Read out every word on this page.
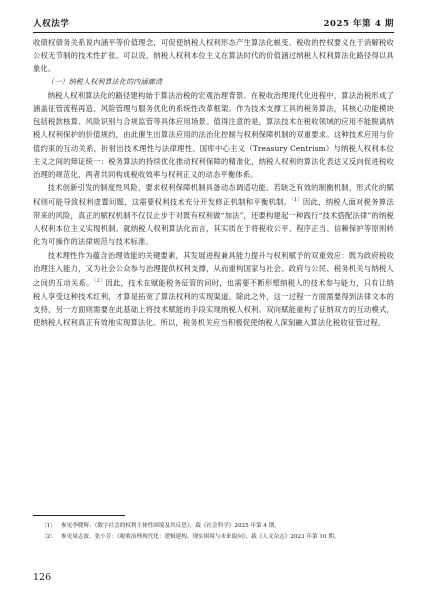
人权法学	2025 年第 4 期

收债权债务关系说内涵平等价值理念，可促使纳税人权利形态产生算法化蜕变。税收的控权要义在于消解税收公权无节制的技术性扩张。可以说，纳税人权利本位主义在算法时代的价值涵过纳税人权利算法化路径得以具象化。

（一）纳税人权利算法化的内涵廓清

纳税人权利算法化的路径建构始于算法治税的宏观治理背景。在税收治理现代化进程中，算法治税形成了涵盖征管流程再造、风险管理与服务优化的系统性改革框架。作为技术支撑工具的税务算法，其核心功能模块包括税款核算、风险识别与合规监管等具体应用场景。值得注意的是，算法技术在税收领域的应用不能脱离纳税人权利保护的价值规约，由此催生出算法应用的法治化控制与权利保障机制的双重要求。这种技术应用与价值约束的互动关系，折射出技术理性与法律理性、国库中心主义（Treasury Centrism）与纳税人权利本位主义之间的辩证统一：税务算法的持续优化推动权利保障的精准化，纳税人权利的算法化表达又反向促进税收治理的规范化，两者共同构成税收效率与权利正义的动态平衡体系。

技术创新引发的制度性风险，要求权利保障机制具备动态调适功能。若缺乏有效的制衡机制，形式化的赋权则可能导致权利虚置问题，这需要权利技术充分开发修正机制和平衡机制。$^{〔1〕}$因此，纳税人面对税务算法带来的风险，真正的赋权机制不仅仅止步于对既有权利做“加法”，还要构建起一种践行“技术搭配法律”的纳税人权利本位主义实现机制。就纳税人权利算法化而言，其实质在于将税收公平、程序正当、信赖保护等原则转化为可操作的法律规范与技术标准。

技术理性作为蕴含治理效能的关键要素，其发展进程兼具能力提升与权利赋予的双重效应：既为政府税收治理注入能力，又为社会公众参与治理提供权利支撑，从而重构国家与社会、政府与公民、税务机关与纳税人之间的互动关系。$^{〔2〕}$因此，技术在赋能税务征管的同时，也需要不断形塑纳税人的技术参与能力，只有让纳税人享受这种技术红利，才算是拓宽了算法权利的实现渠道。除此之外，这一过程一方面需要得到法律文本的支持，另一方面则需要在此基础上将技术赋能的手段实现纳税人权利。双向赋能重构了征纳双方的互动模式，使纳税人权利真正有效地实现算法化。所以，税务机关应当积极促使纳税人深刻融入算法化税收征管过程。

〔1〕 参见李晓辉：《数字社会的权利主体性困境及其反思》，载《社会科学》2025 年第 4 期。

〔2〕 参见周志波、张小芳：《税收治理现代化：逻辑建构、现实困境与未来取向》，载《人文杂志》2023 年第 10 期。

126
